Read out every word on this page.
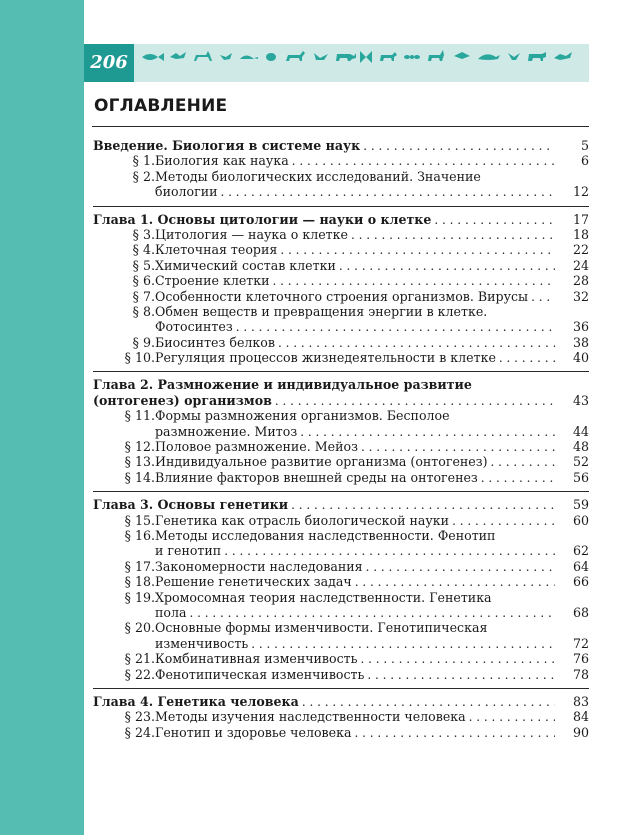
206
ОГЛАВЛЕНИЕ
Введение. Биология в системе наук . . .	5
§ 1. Биология как наука . . .	6
§ 2. Методы биологических исследований. Значение
биологии . . .	12
Глава 1. Основы цитологии — науки о клетке . . .	17
§ 3. Цитология — наука о клетке . . .	18
§ 4. Клеточная теория . . .	22
§ 5. Химический состав клетки . . .	24
§ 6. Строение клетки . . .	28
§ 7. Особенности клеточного строения организмов. Вирусы . . .	32
§ 8. Обмен веществ и превращения энергии в клетке.
Фотосинтез . . .	36
§ 9. Биосинтез белков . . .	38
§ 10. Регуляция процессов жизнедеятельности в клетке . . .	40
Глава 2. Размножение и индивидуальное развитие
(онтогенез) организмов . . .	43
§ 11. Формы размножения организмов. Бесполое
размножение. Митоз . . .	44
§ 12. Половое размножение. Мейоз . . .	48
§ 13. Индивидуальное развитие организма (онтогенез) . . .	52
§ 14. Влияние факторов внешней среды на онтогенез . . .	56
Глава 3. Основы генетики . . .	59
§ 15. Генетика как отрасль биологической науки . . .	60
§ 16. Методы исследования наследственности. Фенотип
и генотип . . .	62
§ 17. Закономерности наследования . . .	64
§ 18. Решение генетических задач . . .	66
§ 19. Хромосомная теория наследственности. Генетика
пола . . .	68
§ 20. Основные формы изменчивости. Генотипическая
изменчивость . . .	72
§ 21. Комбинативная изменчивость . . .	76
§ 22. Фенотипическая изменчивость . . .	78
Глава 4. Генетика человека . . .	83
§ 23. Методы изучения наследственности человека . . .	84
§ 24. Генотип и здоровье человека . . .	90
